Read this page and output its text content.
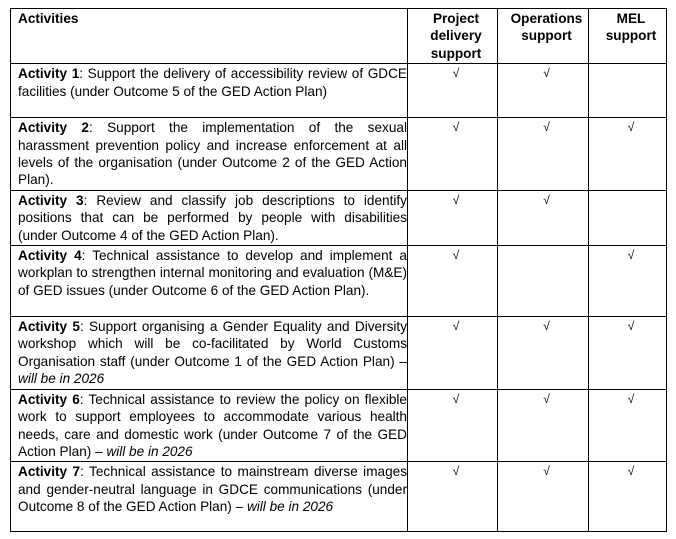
Activities	Project delivery support	Operations support	MEL support
Activity 1: Support the delivery of accessibility review of GDCE facilities (under Outcome 5 of the GED Action Plan)	√	√	
Activity 2: Support the implementation of the sexual harassment prevention policy and increase enforcement at all levels of the organisation (under Outcome 2 of the GED Action Plan).	√	√	√
Activity 3: Review and classify job descriptions to identify positions that can be performed by people with disabilities (under Outcome 4 of the GED Action Plan).	√	√	
Activity 4: Technical assistance to develop and implement a workplan to strengthen internal monitoring and evaluation (M&E) of GED issues (under Outcome 6 of the GED Action Plan).	√		√
Activity 5: Support organising a Gender Equality and Diversity workshop which will be co-facilitated by World Customs Organisation staff (under Outcome 1 of the GED Action Plan) – will be in 2026	√	√	√
Activity 6: Technical assistance to review the policy on flexible work to support employees to accommodate various health needs, care and domestic work (under Outcome 7 of the GED Action Plan) – will be in 2026	√	√	√
Activity 7: Technical assistance to mainstream diverse images and gender-neutral language in GDCE communications (under Outcome 8 of the GED Action Plan) – will be in 2026	√	√	√
